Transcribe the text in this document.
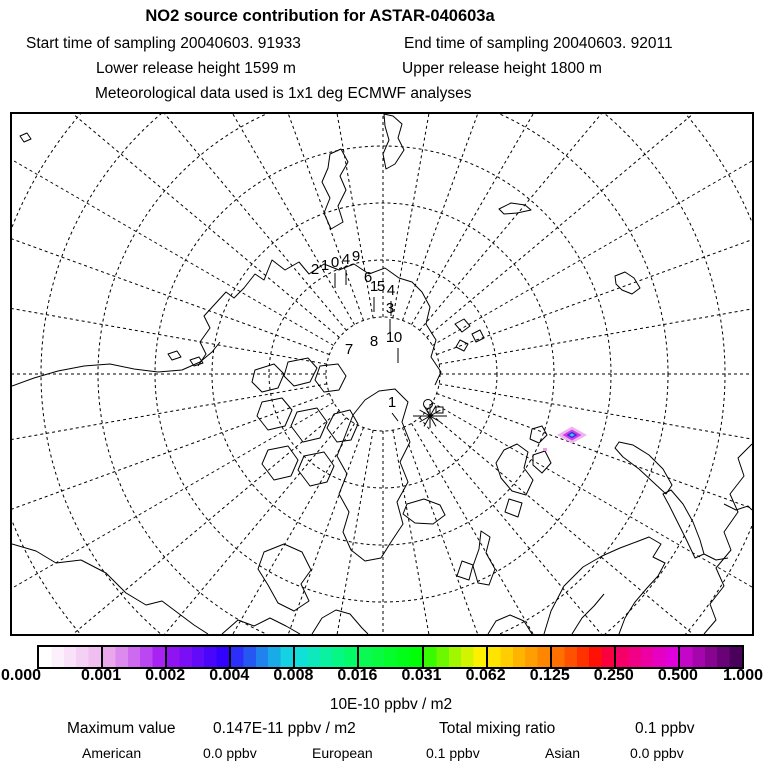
NO2 source contribution for ASTAR-040603a
Start time of sampling 20040603. 91933	End time of sampling 20040603. 92011
Lower release height 1599 m	Upper release height 1800 m
Meteorological data used is 1x1 deg ECMWF analyses
2 1 0 4 9
6
1
5 4
3
7 8 1 0
1
0.000	0.001 0.002 0.004 0.008 0.016 0.031 0.062 0.125 0.250 0.500 1.000
10E-10 ppbv / m2
Maximum value 0.147E-11 ppbv / m2	Total mixing ratio	0.1 ppbv
American	0.0 ppbv	European	0.1 ppbv	Asian	0.0 ppbv
